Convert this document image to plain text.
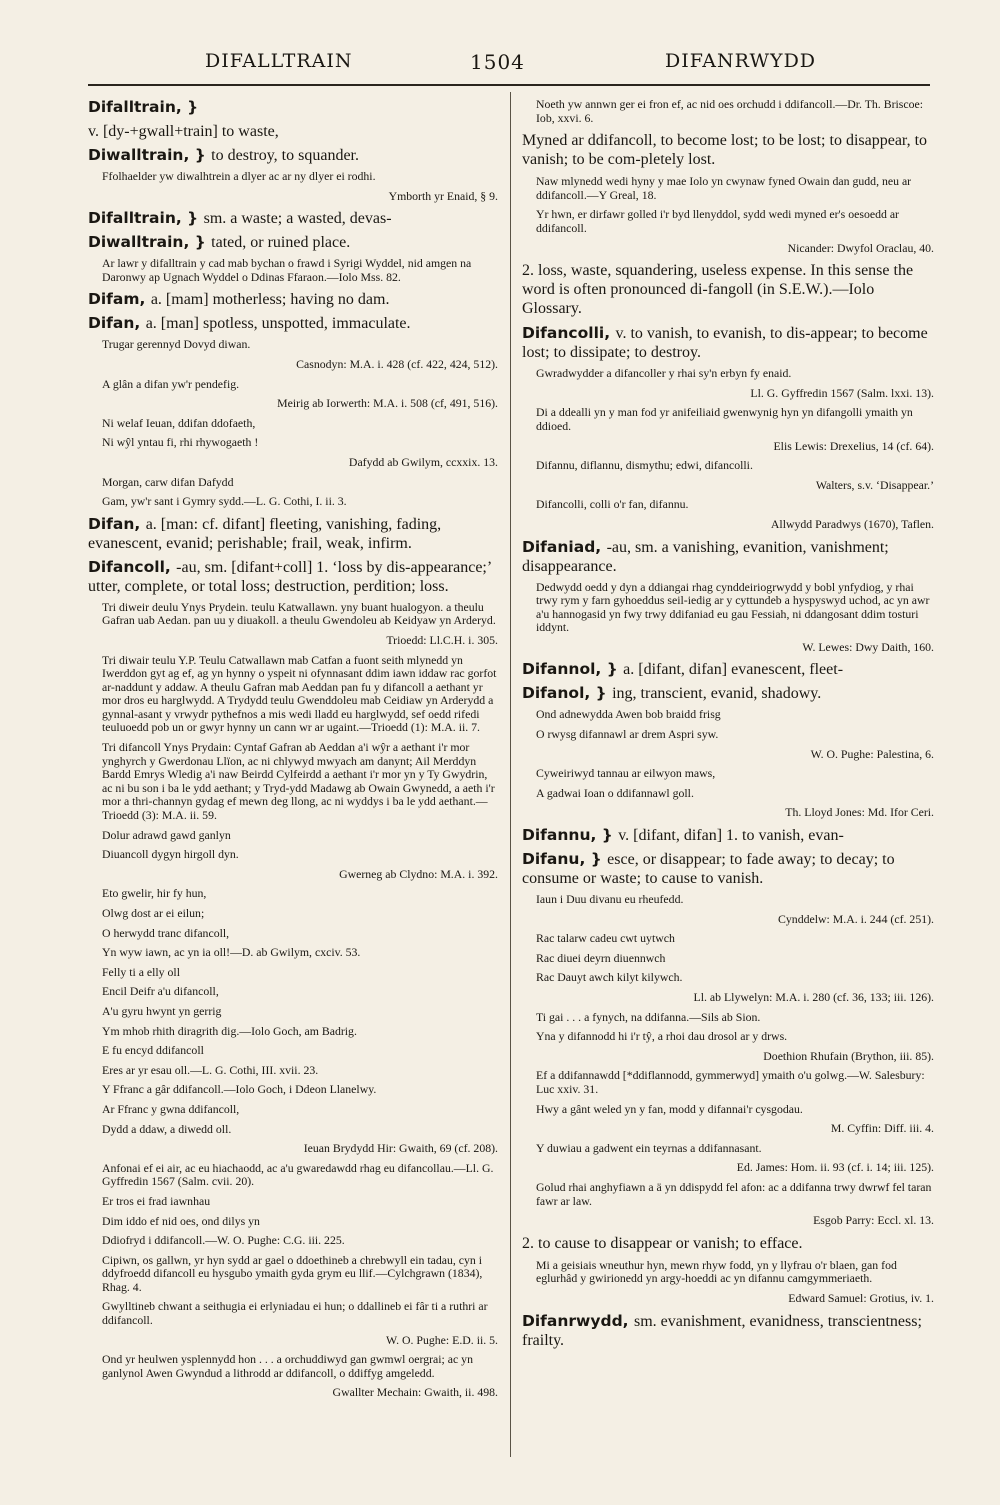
DIFALLTRAIN	1504	DIFANRWYDD
Difalltrain, }
v. [dy-+gwall+train] to waste,
Diwalltrain, } to destroy, to squander.
Ffolhaelder yw diwalhtrein a dlyer ac ar ny dlyer ei rodhi.
Ymborth yr Enaid, § 9.
Difalltrain, } sm. a waste; a wasted, devas-
Diwalltrain, } tated, or ruined place.
Ar lawr y difalltrain y cad mab bychan o frawd i Syrigi Wyddel, nid amgen na Daronwy ap Ugnach Wyddel o Ddinas Ffaraon.—Iolo Mss. 82.
Difam, a. [mam] motherless; having no dam.
Difan, a. [man] spotless, unspotted, immaculate.
Trugar gerennyd Dovyd diwan.
Casnodyn: M.A. i. 428 (cf. 422, 424, 512).
A glân a difan yw'r pendefig.
Meirig ab Iorwerth: M.A. i. 508 (cf, 491, 516).
Ni welaf Ieuan, ddifan ddofaeth,
Ni wŷl yntau fi, rhi rhywogaeth !
Dafydd ab Gwilym, ccxxix. 13.
Morgan, carw difan Dafydd
Gam, yw'r sant i Gymry sydd.—L. G. Cothi, I. ii. 3.
Difan, a. [man: cf. difant] fleeting, vanishing, fading, evanescent, evanid; perishable; frail, weak, infirm.
Difancoll, -au, sm. [difant+coll] 1. ‘loss by dis-appearance;’ utter, complete, or total loss; destruction, perdition; loss.
Tri diweir deulu Ynys Prydein. teulu Katwallawn. yny buant hualogyon. a theulu Gafran uab Aedan. pan uu y diuakoll. a theulu Gwendoleu ab Keidyaw yn Arderyd.
Trioedd: Ll.C.H. i. 305.
Tri diwair teulu Y.P. Teulu Catwallawn mab Catfan a fuont seith mlynedd yn Iwerddon gyt ag ef, ag yn hynny o yspeit ni ofynnasant ddim iawn iddaw rac gorfot ar-naddunt y addaw. A theulu Gafran mab Aeddan pan fu y difancoll a aethant yr mor dros eu harglwydd. A Trydydd teulu Gwenddoleu mab Ceidiaw yn Arderydd a gynnal-asant y vrwydr pythefnos a mis wedi lladd eu harglwydd, sef oedd rifedi teuluoedd pob un or gwyr hynny un cann wr ar ugaint.—Trioedd (1): M.A. ii. 7.
Tri difancoll Ynys Prydain: Cyntaf Gafran ab Aeddan a'i wŷr a aethant i'r mor ynghyrch y Gwerdonau Llïon, ac ni chlywyd mwyach am danynt; Ail Merddyn Bardd Emrys Wledig a'i naw Beirdd Cylfeirdd a aethant i'r mor yn y Ty Gwydrin, ac ni bu son i ba le ydd aethant; y Tryd-ydd Madawg ab Owain Gwynedd, a aeth i'r mor a thri-channyn gydag ef mewn deg llong, ac ni wyddys i ba le ydd aethant.—Trioedd (3): M.A. ii. 59.
Dolur adrawd gawd ganlyn
Diuancoll dygyn hirgoll dyn.
Gwerneg ab Clydno: M.A. i. 392.
Eto gwelir, hir fy hun,
Olwg dost ar ei eilun;
O herwydd tranc difancoll,
Yn wyw iawn, ac yn ia oll!—D. ab Gwilym, cxciv. 53.
Felly ti a elly oll
Encil Deifr a'u difancoll,
A'u gyru hwynt yn gerrig
Ym mhob rhith diragrith dig.—Iolo Goch, am Badrig.
E fu encyd ddifancoll
Eres ar yr esau oll.—L. G. Cothi, III. xvii. 23.
Y Ffranc a gâr ddifancoll.—Iolo Goch, i Ddeon Llanelwy.
Ar Ffranc y gwna ddifancoll,
Dydd a ddaw, a diwedd oll.
Ieuan Brydydd Hir: Gwaith, 69 (cf. 208).
Anfonai ef ei air, ac eu hiachaodd, ac a'u gwaredawdd rhag eu difancollau.—Ll. G. Gyffredin 1567 (Salm. cvii. 20).
Er tros ei frad iawnhau
Dim iddo ef nid oes, ond dilys yn
Ddiofryd i ddifancoll.—W. O. Pughe: C.G. iii. 225.
Cipiwn, os gallwn, yr hyn sydd ar gael o ddoethineb a chrebwyll ein tadau, cyn i ddyfroedd difancoll eu hysgubo ymaith gyda grym eu llif.—Cylchgrawn (1834), Rhag. 4.
Gwylltineb chwant a seithugia ei erlyniadau ei hun; o ddallineb ei fâr ti a ruthri ar ddifancoll.
W. O. Pughe: E.D. ii. 5.
Ond yr heulwen ysplennydd hon . . . a orchuddiwyd gan gwmwl oergrai; ac yn ganlynol Awen Gwyndud a lithrodd ar ddifancoll, o ddiffyg amgeledd.
Gwallter Mechain: Gwaith, ii. 498.
Noeth yw annwn ger ei fron ef, ac nid oes orchudd i ddifancoll.—Dr. Th. Briscoe: Iob, xxvi. 6.
Myned ar ddifancoll, to become lost; to be lost; to disappear, to vanish; to be com-pletely lost.
Naw mlynedd wedi hyny y mae Iolo yn cwynaw fyned Owain dan gudd, neu ar ddifancoll.—Y Greal, 18.
Yr hwn, er dirfawr golled i'r byd llenyddol, sydd wedi myned er's oesoedd ar ddifancoll.
Nicander: Dwyfol Oraclau, 40.
2. loss, waste, squandering, useless expense. In this sense the word is often pronounced di-fangoll (in S.E.W.).—Iolo Glossary.
Difancolli, v. to vanish, to evanish, to dis-appear; to become lost; to dissipate; to destroy.
Gwradwydder a difancoller y rhai sy'n erbyn fy enaid.
Ll. G. Gyffredin 1567 (Salm. lxxi. 13).
Di a ddealli yn y man fod yr anifeiliaid gwenwynig hyn yn difangolli ymaith yn ddioed.
Elis Lewis: Drexelius, 14 (cf. 64).
Difannu, diflannu, dismythu; edwi, difancolli.
Walters, s.v. ‘Disappear.’
Difancolli, colli o'r fan, difannu.
Allwydd Paradwys (1670), Taflen.
Difaniad, -au, sm. a vanishing, evanition, vanishment; disappearance.
Dedwydd oedd y dyn a ddiangai rhag cynddeiriogrwydd y bobl ynfydiog, y rhai trwy rym y farn gyhoeddus seil-iedig ar y cyttundeb a hyspyswyd uchod, ac yn awr a'u hannogasid yn fwy trwy ddifaniad eu gau Fessiah, ni ddangosant ddim tosturi iddynt.
W. Lewes: Dwy Daith, 160.
Difannol, } a. [difant, difan] evanescent, fleet-
Difanol, } ing, transcient, evanid, shadowy.
Ond adnewydda Awen bob braidd frisg
O rwysg difannawl ar drem Aspri syw.
W. O. Pughe: Palestina, 6.
Cyweiriwyd tannau ar eilwyon maws,
A gadwai Ioan o ddifannawl goll.
Th. Lloyd Jones: Md. Ifor Ceri.
Difannu, } v. [difant, difan] 1. to vanish, evan-
Difanu, } esce, or disappear; to fade away; to decay; to consume or waste; to cause to vanish.
Iaun i Duu divanu eu rheufedd.
Cynddelw: M.A. i. 244 (cf. 251).
Rac talarw cadeu cwt uytwch
Rac diuei deyrn diuennwch
Rac Dauyt awch kilyt kilywch.
Ll. ab Llywelyn: M.A. i. 280 (cf. 36, 133; iii. 126).
Ti gai . . . a fynych, na ddifanna.—Sils ab Sion.
Yna y difannodd hi i'r tŷ, a rhoi dau drosol ar y drws.
Doethion Rhufain (Brython, iii. 85).
Ef a ddifannawdd [*ddiflannodd, gymmerwyd] ymaith o'u golwg.—W. Salesbury: Luc xxiv. 31.
Hwy a gânt weled yn y fan, modd y difannai'r cysgodau.
M. Cyffin: Diff. iii. 4.
Y duwiau a gadwent ein teyrnas a ddifannasant.
Ed. James: Hom. ii. 93 (cf. i. 14; iii. 125).
Golud rhai anghyfiawn a ä yn ddispydd fel afon: ac a ddifanna trwy dwrwf fel taran fawr ar law.
Esgob Parry: Eccl. xl. 13.
2. to cause to disappear or vanish; to efface.
Mi a geisiais wneuthur hyn, mewn rhyw fodd, yn y llyfrau o'r blaen, gan fod eglurhâd y gwirionedd yn argy-hoeddi ac yn difannu camgymmeriaeth.
Edward Samuel: Grotius, iv. 1.
Difanrwydd, sm. evanishment, evanidness, transcientness; frailty.
